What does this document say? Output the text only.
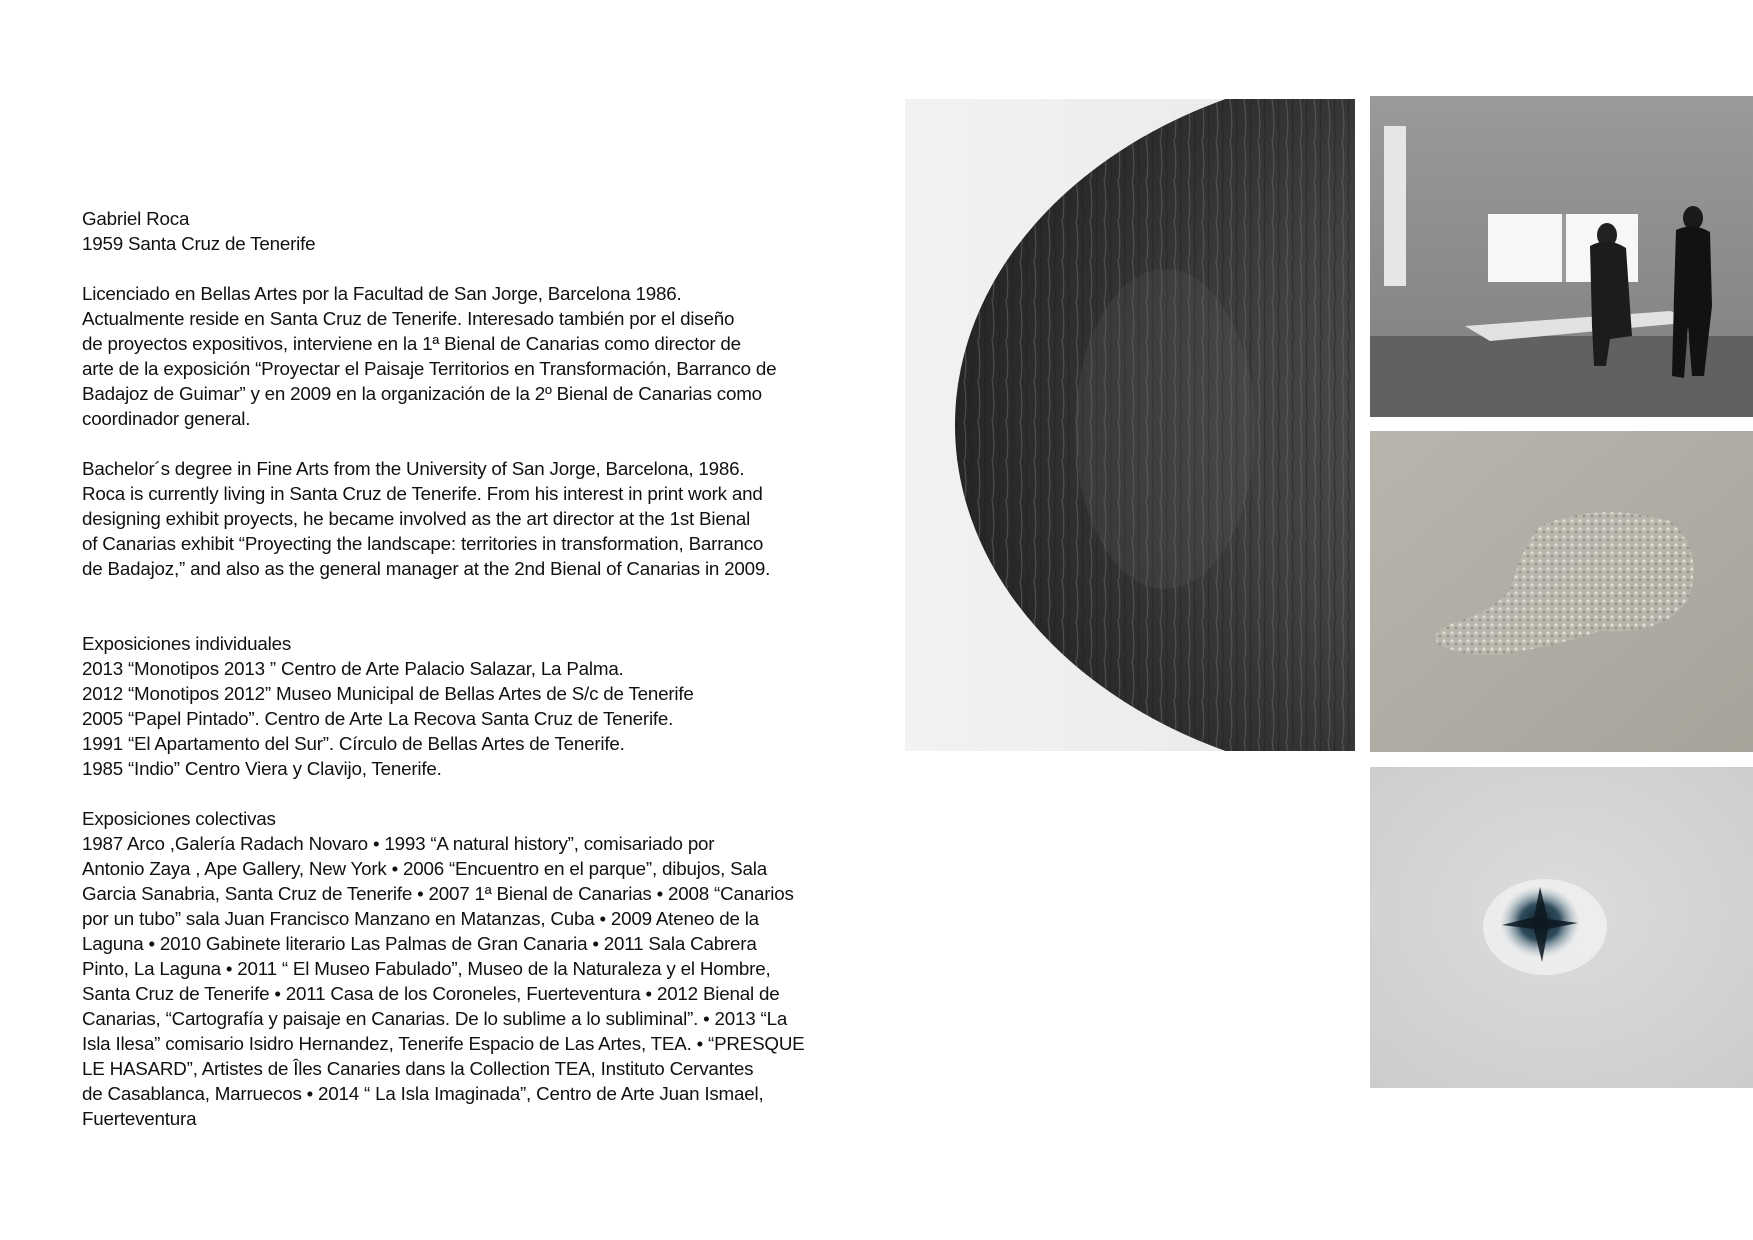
Gabriel Roca

1959 Santa Cruz de Tenerife

Licenciado en Bellas Artes por la Facultad de San Jorge, Barcelona 1986.

Actualmente reside en Santa Cruz de Tenerife. Interesado también por el diseño

de proyectos expositivos, interviene en la 1ª Bienal de Canarias como director de

arte de la exposición “Proyectar el Paisaje Territorios en Transformación, Barranco de

Badajoz de Guimar” y en 2009 en la organización de la 2º Bienal de Canarias como

coordinador general.

Bachelor´s degree in Fine Arts from the University of San Jorge, Barcelona, 1986.

Roca is currently living in Santa Cruz de Tenerife. From his interest in print work and

designing exhibit proyects, he became involved as the art director at the 1st Bienal

of Canarias exhibit “Proyecting the landscape: territories in transformation, Barranco

de Badajoz,” and also as the general manager at the 2nd Bienal of Canarias in 2009.

Exposiciones individuales

2013 “Monotipos 2013 ” Centro de Arte Palacio Salazar, La Palma.

2012 “Monotipos 2012” Museo Municipal de Bellas Artes de S/c de Tenerife

2005 “Papel Pintado”. Centro de Arte La Recova Santa Cruz de Tenerife.

1991 “El Apartamento del Sur”. Círculo de Bellas Artes de Tenerife.

1985 “Indio” Centro Viera y Clavijo, Tenerife.

Exposiciones colectivas

1987 Arco ,Galería Radach Novaro • 1993 “A natural history”, comisariado por

Antonio Zaya , Ape Gallery, New York • 2006 “Encuentro en el parque”, dibujos, Sala

Garcia Sanabria, Santa Cruz de Tenerife • 2007 1ª Bienal de Canarias • 2008 “Canarios

por un tubo” sala Juan Francisco Manzano en Matanzas, Cuba • 2009 Ateneo de la

Laguna • 2010 Gabinete literario Las Palmas de Gran Canaria • 2011 Sala Cabrera

Pinto, La Laguna • 2011 “ El Museo Fabulado”, Museo de la Naturaleza y el Hombre,

Santa Cruz de Tenerife • 2011 Casa de los Coroneles, Fuerteventura • 2012 Bienal de

Canarias, “Cartografía y paisaje en Canarias. De lo sublime a lo subliminal”. • 2013 “La

Isla Ilesa” comisario Isidro Hernandez, Tenerife Espacio de Las Artes, TEA. • “PRESQUE

LE HASARD”, Artistes de Îles Canaries dans la Collection TEA, Instituto Cervantes

de Casablanca, Marruecos • 2014 “ La Isla Imaginada”, Centro de Arte Juan Ismael,

Fuerteventura
